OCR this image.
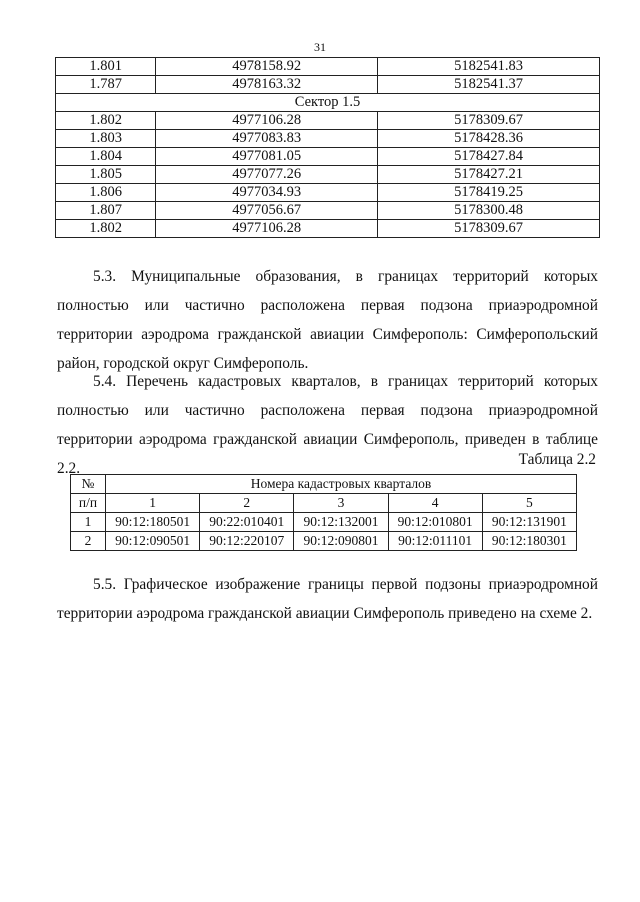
31
1.801	4978158.92	5182541.83
1.787	4978163.32	5182541.37
Сектор 1.5		
1.802	4977106.28	5178309.67
1.803	4977083.83	5178428.36
1.804	4977081.05	5178427.84
1.805	4977077.26	5178427.21
1.806	4977034.93	5178419.25
1.807	4977056.67	5178300.48
1.802	4977106.28	5178309.67

5.3. Муниципальные образования, в границах территорий которых полностью или частично расположена первая подзона приаэродромной территории аэродрома гражданской авиации Симферополь: Симферопольский район, городской округ Симферополь.

5.4. Перечень кадастровых кварталов, в границах территорий которых полностью или частично расположена первая подзона приаэродромной территории аэродрома гражданской авиации Симферополь, приведен в таблице 2.2.

Таблица 2.2
№	Номера кадастровых кварталов				
п/п	1	2	3	4	5
1	90:12:180501	90:22:010401	90:12:132001	90:12:010801	90:12:131901
2	90:12:090501	90:12:220107	90:12:090801	90:12:011101	90:12:180301

5.5. Графическое изображение границы первой подзоны приаэродромной территории аэродрома гражданской авиации Симферополь приведено на схеме 2.
